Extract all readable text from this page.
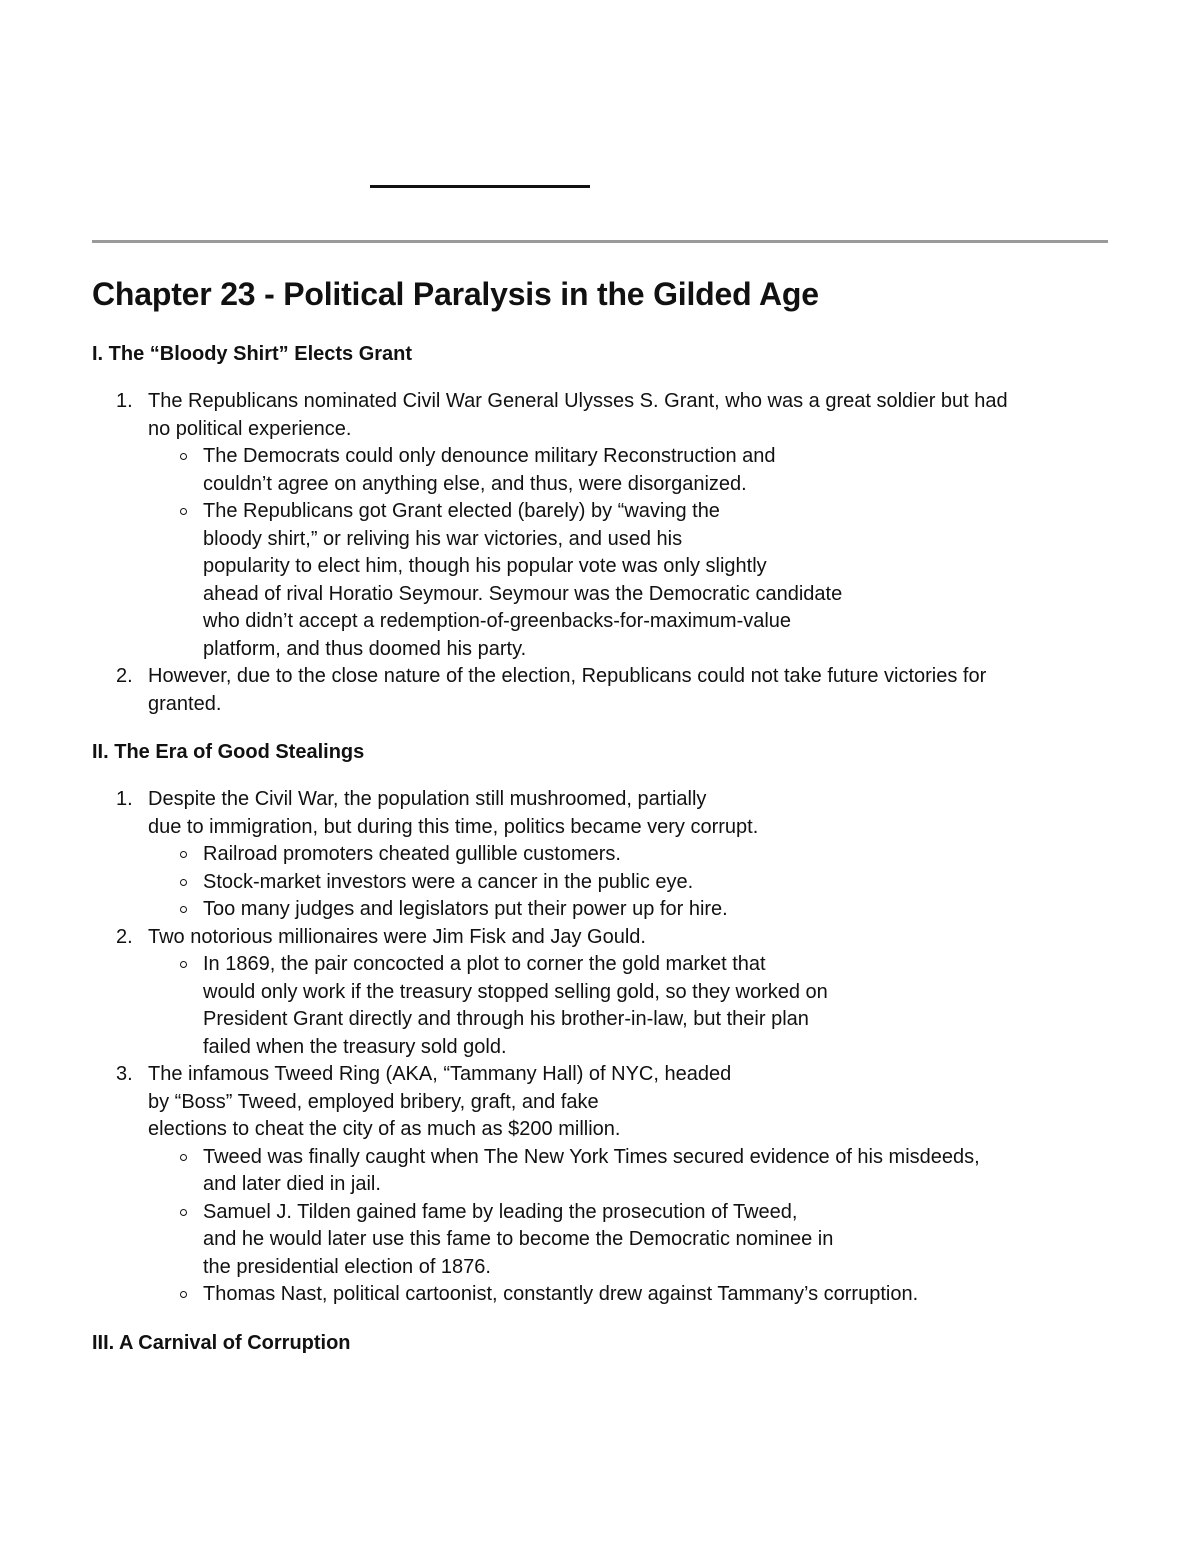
Chapter 23 - Political Paralysis in the Gilded Age
I. The “Bloody Shirt” Elects Grant
1. The Republicans nominated Civil War General Ulysses S. Grant, who was a great soldier but had
no political experience.
The Democrats could only denounce military Reconstruction and
couldn’t agree on anything else, and thus, were disorganized.
The Republicans got Grant elected (barely) by “waving the
bloody shirt,” or reliving his war victories, and used his
popularity to elect him, though his popular vote was only slightly
ahead of rival Horatio Seymour. Seymour was the Democratic candidate
who didn’t accept a redemption-of-greenbacks-for-maximum-value
platform, and thus doomed his party.
2. However, due to the close nature of the election, Republicans could not take future victories for
granted.
II. The Era of Good Stealings
1. Despite the Civil War, the population still mushroomed, partially
due to immigration, but during this time, politics became very corrupt.
Railroad promoters cheated gullible customers.
Stock-market investors were a cancer in the public eye.
Too many judges and legislators put their power up for hire.
2. Two notorious millionaires were Jim Fisk and Jay Gould.
In 1869, the pair concocted a plot to corner the gold market that
would only work if the treasury stopped selling gold, so they worked on
President Grant directly and through his brother-in-law, but their plan
failed when the treasury sold gold.
3. The infamous Tweed Ring (AKA, “Tammany Hall) of NYC, headed
by “Boss” Tweed, employed bribery, graft, and fake
elections to cheat the city of as much as $200 million.
Tweed was finally caught when The New York Times secured evidence of his misdeeds,
and later died in jail.
Samuel J. Tilden gained fame by leading the prosecution of Tweed,
and he would later use this fame to become the Democratic nominee in
the presidential election of 1876.
Thomas Nast, political cartoonist, constantly drew against Tammany’s corruption.
III. A Carnival of Corruption
